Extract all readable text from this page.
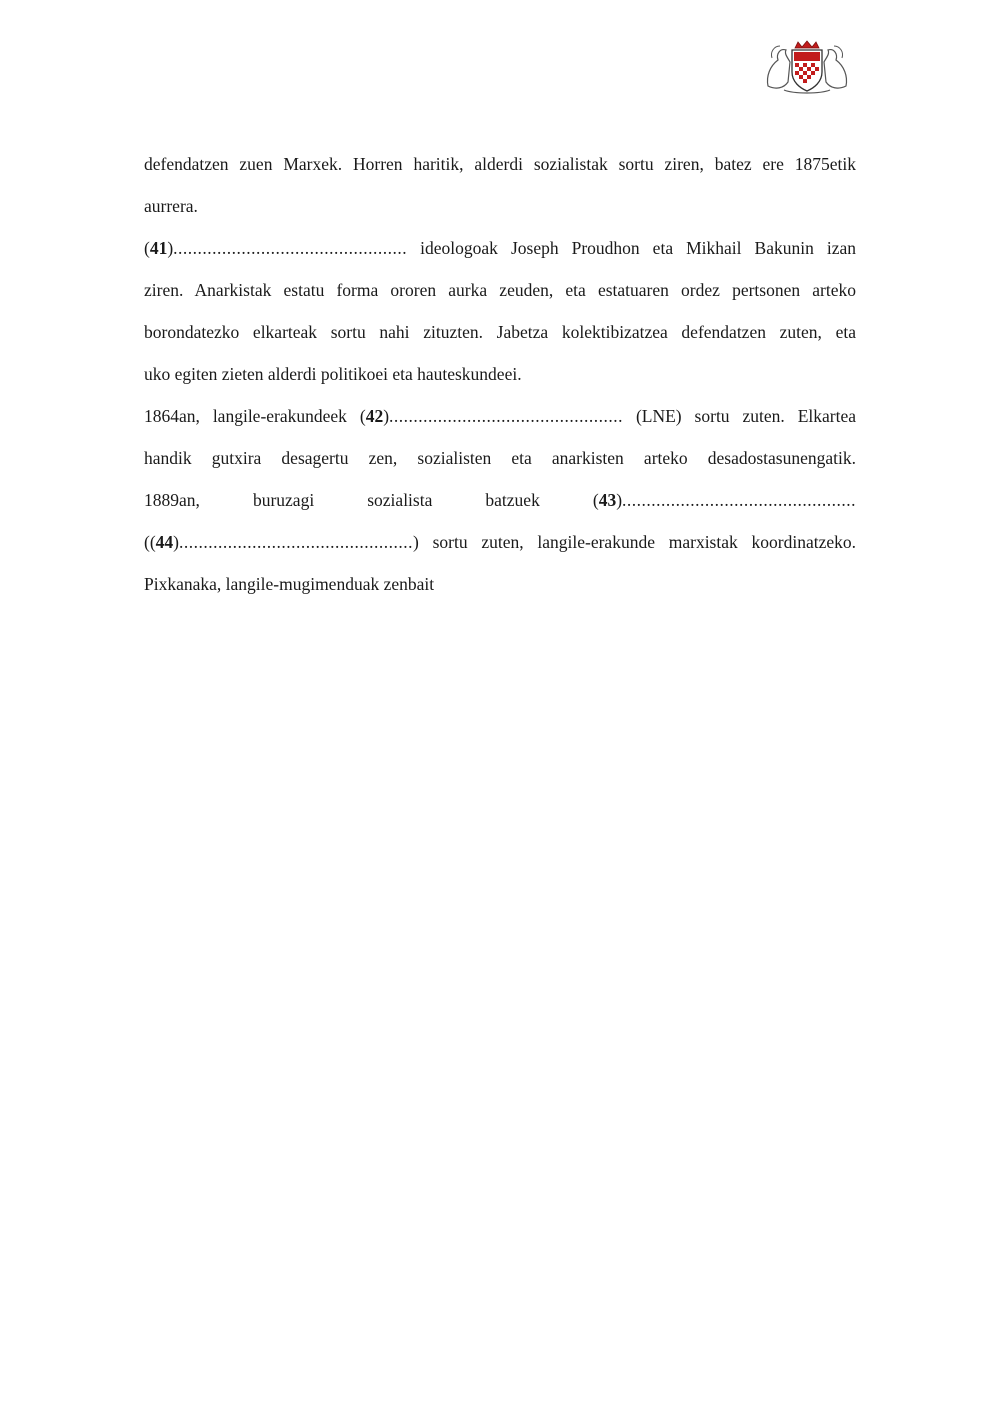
defendatzen zuen Marxek. Horren haritik, alderdi sozialistak sortu ziren, batez ere 1875etik
aurrera.
(41)................................................ ideologoak Joseph Proudhon eta Mikhail Bakunin izan
ziren. Anarkistak estatu forma ororen aurka zeuden, eta estatuaren ordez pertsonen arteko
borondatezko elkarteak sortu nahi zituzten. Jabetza kolektibizatzea defendatzen zuten, eta
uko egiten zieten alderdi politikoei eta hauteskundeei.
1864an, langile-erakundeek (42)................................................ (LNE) sortu zuten. Elkartea
handik gutxira desagertu zen, sozialisten eta anarkisten arteko desadostasunengatik.
1889an,	buruzagi	sozialista	batzuek	(43)................................................
((44)................................................) sortu zuten, langile-erakunde marxistak koordinatzeko.
Pixkanaka, langile-mugimenduak zenbait
